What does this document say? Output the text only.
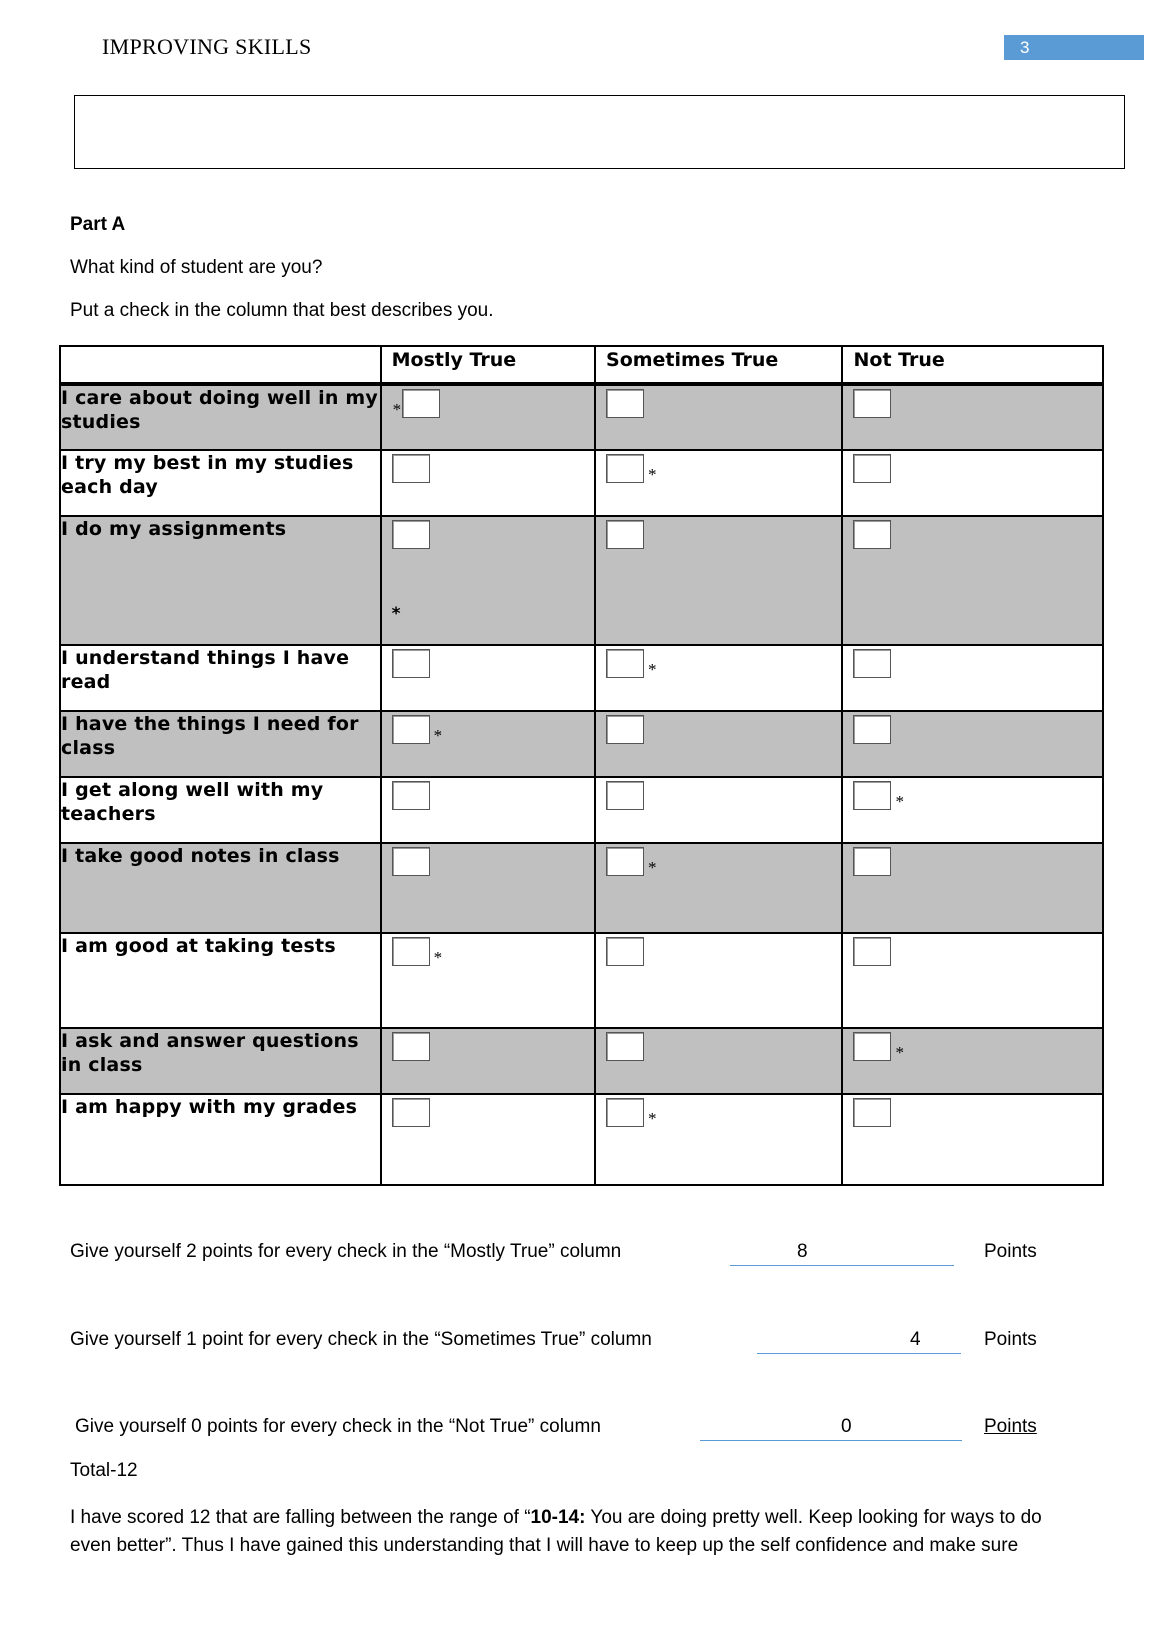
IMPROVING SKILLS	3
Part A
What kind of student are you?
Put a check in the column that best describes you.
	Mostly True	Sometimes True	Not True
I care about doing well in my studies	*		

I try my best in my studies each day		*	

I do my assignments	*		

I understand things I have read		*	

I have the things I need for class	*		

I get along well with my teachers			*

I take good notes in class		*	

I am good at taking tests	*		

I ask and answer questions in class			*

I am happy with my grades		*	

Give yourself 2 points for every check in the “Mostly True” column	8	Points
Give yourself 1 point for every check in the “Sometimes True” column	4	Points
Give yourself 0 points for every check in the “Not True” column	0	Points
Total-12
I have scored 12 that are falling between the range of “10-14: You are doing pretty well. Keep looking for ways to do
even better”. Thus I have gained this understanding that I will have to keep up the self confidence and make sure
